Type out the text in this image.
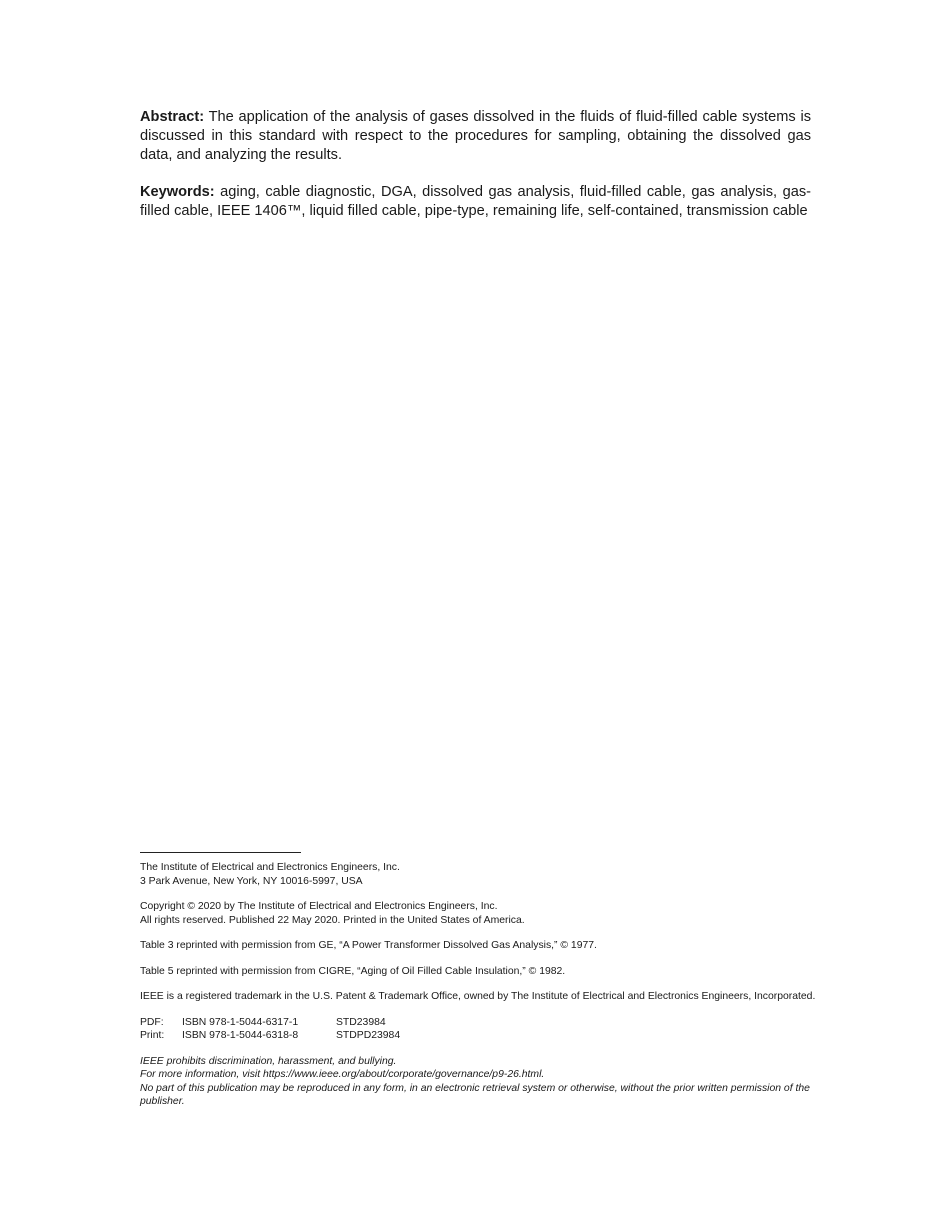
Abstract: The application of the analysis of gases dissolved in the fluids of fluid-filled cable systems is discussed in this standard with respect to the procedures for sampling, obtaining the dissolved gas data, and analyzing the results.

Keywords: aging, cable diagnostic, DGA, dissolved gas analysis, fluid-filled cable, gas analysis, gas-filled cable, IEEE 1406™, liquid filled cable, pipe-type, remaining life, self-contained, transmission cable

The Institute of Electrical and Electronics Engineers, Inc.
3 Park Avenue, New York, NY 10016-5997, USA

Copyright © 2020 by The Institute of Electrical and Electronics Engineers, Inc.
All rights reserved. Published 22 May 2020. Printed in the United States of America.

Table 3 reprinted with permission from GE, “A Power Transformer Dissolved Gas Analysis,” © 1977.

Table 5 reprinted with permission from CIGRE, “Aging of Oil Filled Cable Insulation,” © 1982.

IEEE is a registered trademark in the U.S. Patent & Trademark Office, owned by The Institute of Electrical and Electronics Engineers, Incorporated.

PDF:	ISBN 978-1-5044-6317-1	STD23984
Print:	ISBN 978-1-5044-6318-8	STDPD23984

IEEE prohibits discrimination, harassment, and bullying.
For more information, visit https://www.ieee.org/about/corporate/governance/p9-26.html.
No part of this publication may be reproduced in any form, in an electronic retrieval system or otherwise, without the prior written permission of the publisher.
